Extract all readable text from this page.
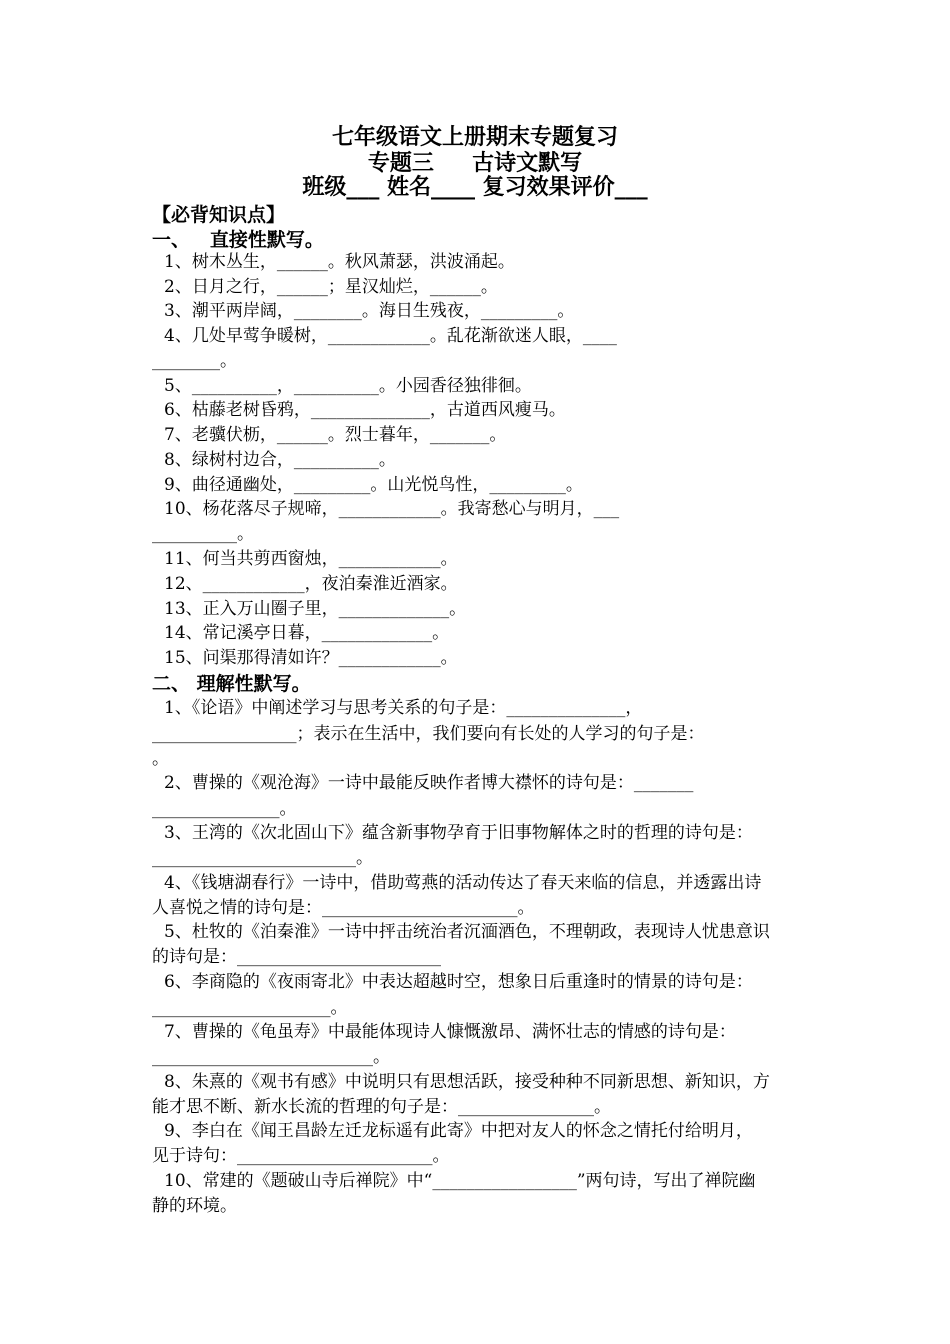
七年级语文上册期末专题复习
专题三     古诗文默写
班级___ 姓名____ 复习效果评价___
【必背知识点】
一、   直接性默写。
1、树木丛生，______。秋风萧瑟，洪波涌起。
2、日月之行，______；星汉灿烂，______。
3、潮平两岸阔，________。海日生残夜，_________。
4、几处早莺争暖树，____________。乱花渐欲迷人眼，____
________。
5、__________，__________。小园香径独徘徊。
6、枯藤老树昏鸦，______________，古道西风瘦马。
7、老骥伏枥，______。烈士暮年，_______。
8、绿树村边合，__________。
9、曲径通幽处，_________。山光悦鸟性，_________。
10、杨花落尽子规啼，____________。我寄愁心与明月，___
__________。
11、何当共剪西窗烛，____________。
12、____________，夜泊秦淮近酒家。
13、正入万山圈子里，_____________。
14、常记溪亭日暮，_____________。
15、问渠那得清如许？____________。
二、 理解性默写。
1、《论语》中阐述学习与思考关系的句子是：______________，
_________________；表示在生活中，我们要向有长处的人学习的句子是：
。
2、曹操的《观沧海》一诗中最能反映作者博大襟怀的诗句是：_______
_______________。
3、王湾的《次北固山下》蕴含新事物孕育于旧事物解体之时的哲理的诗句是：
________________________。
4、《钱塘湖春行》一诗中，借助莺燕的活动传达了春天来临的信息，并透露出诗
人喜悦之情的诗句是：_______________________。
5、杜牧的《泊秦淮》一诗中抨击统治者沉湎酒色，不理朝政，表现诗人忧患意识
的诗句是：________________________
6、李商隐的《夜雨寄北》中表达超越时空，想象日后重逢时的情景的诗句是：
_____________________。
7、曹操的《龟虽寿》中最能体现诗人慷慨激昂、满怀壮志的情感的诗句是：
__________________________。
8、朱熹的《观书有感》中说明只有思想活跃，接受种种不同新思想、新知识，方
能才思不断、新水长流的哲理的句子是：________________。
9、李白在《闻王昌龄左迁龙标遥有此寄》中把对友人的怀念之情托付给明月，
见于诗句：_______________________。
10、常建的《题破山寺后禅院》中“_________________”两句诗，写出了禅院幽
静的环境。
